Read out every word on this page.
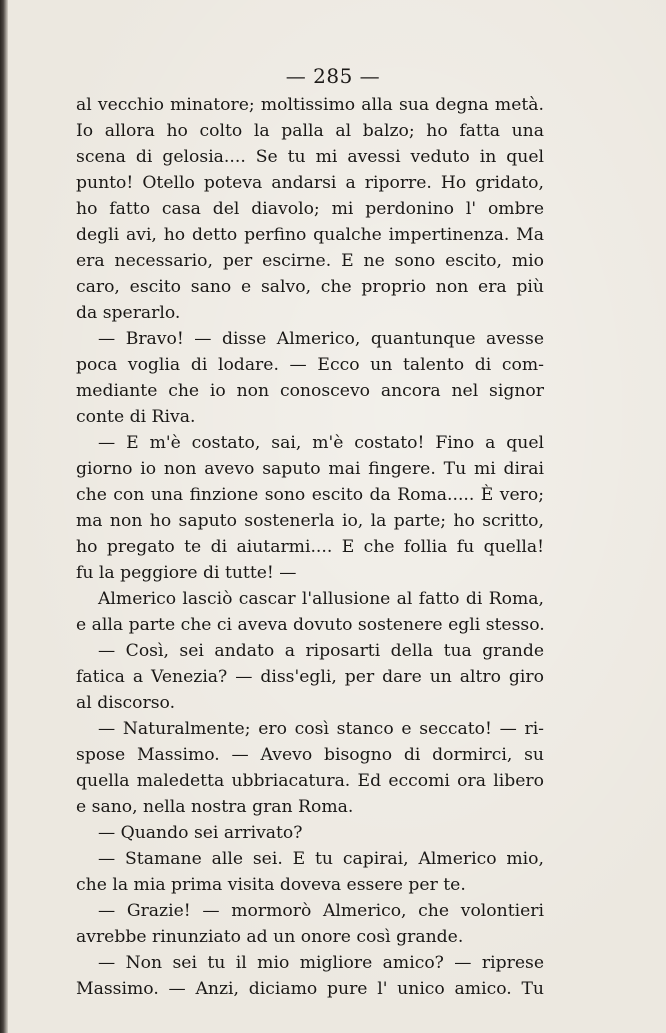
— 285 —
al vecchio minatore; moltissimo alla sua degna metà.
Io allora ho colto la palla al balzo; ho fatta una
scena di gelosia.... Se tu mi avessi veduto in quel
punto! Otello poteva andarsi a riporre. Ho gridato,
ho fatto casa del diavolo; mi perdonino l' ombre
degli avi, ho detto perfino qualche impertinenza. Ma
era necessario, per escirne. E ne sono escito, mio
caro, escito sano e salvo, che proprio non era più
da sperarlo.
— Bravo! — disse Almerico, quantunque avesse
poca voglia di lodare. — Ecco un talento di com-
mediante che io non conoscevo ancora nel signor
conte di Riva.
— E m'è costato, sai, m'è costato! Fino a quel
giorno io non avevo saputo mai fingere. Tu mi dirai
che con una finzione sono escito da Roma..... È vero;
ma non ho saputo sostenerla io, la parte; ho scritto,
ho pregato te di aiutarmi.... E che follia fu quella!
fu la peggiore di tutte! —
Almerico lasciò cascar l'allusione al fatto di Roma,
e alla parte che ci aveva dovuto sostenere egli stesso.
— Così, sei andato a riposarti della tua grande
fatica a Venezia? — diss'egli, per dare un altro giro
al discorso.
— Naturalmente; ero così stanco e seccato! — ri-
spose Massimo. — Avevo bisogno di dormirci, su
quella maledetta ubbriacatura. Ed eccomi ora libero
e sano, nella nostra gran Roma.
— Quando sei arrivato?
— Stamane alle sei. E tu capirai, Almerico mio,
che la mia prima visita doveva essere per te.
— Grazie! — mormorò Almerico, che volontieri
avrebbe rinunziato ad un onore così grande.
— Non sei tu il mio migliore amico? — riprese
Massimo. — Anzi, diciamo pure l' unico amico. Tu
